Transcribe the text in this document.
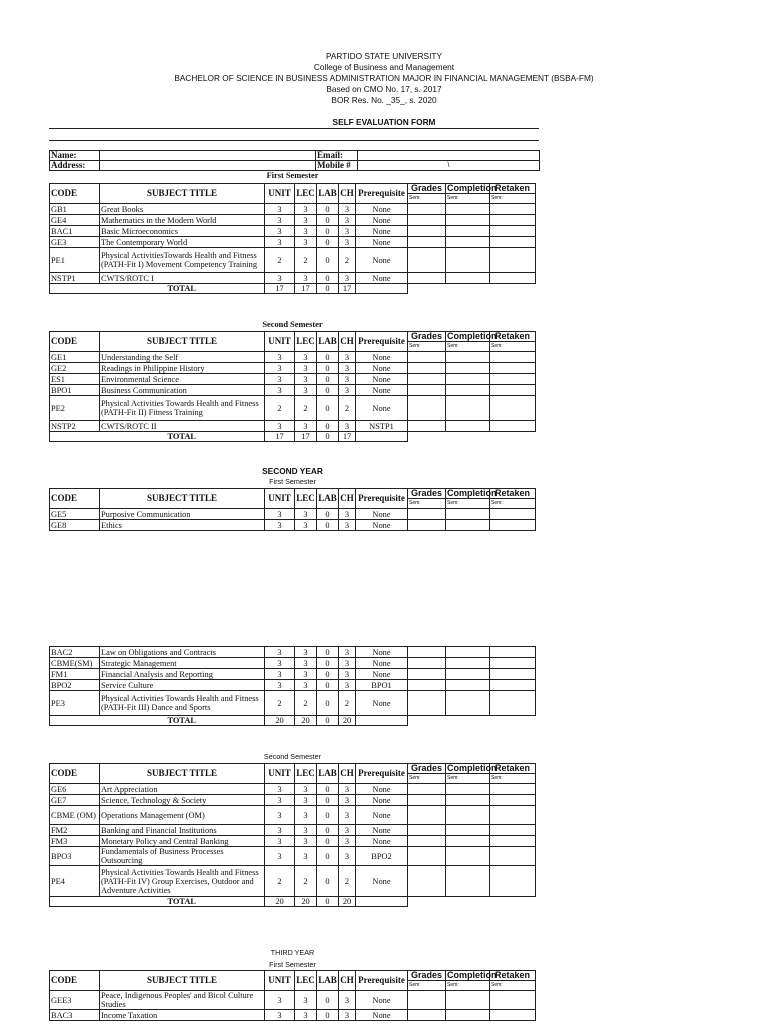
PARTIDO STATE UNIVERSITY
College of Business and Management
BACHELOR OF SCIENCE IN BUSINESS ADMINISTRATION MAJOR IN FINANCIAL MANAGEMENT (BSBA-FM)
Based on CMO No. 17, s. 2017
BOR Res. No. _35_, s. 2020
SELF EVALUATION FORM
Name:		Email:	
Address:		Mobile #	\
First Semester
Second Semester
SECOND YEAR
First Semester
Second Semester
THIRD YEAR
First Semester
CODE	SUBJECT TITLE	UNIT	LEC	LAB	CH	Prerequisite	Grades	Completion	Retaken
							Sem:	Sem:	Sem:
GB1	Great Books	3	3	0	3	None			
GE4	Mathematics in the Modern World	3	3	0	3	None			
BAC1	Basic Microeconomics	3	3	0	3	None			
GE3	The Contemporary World	3	3	0	3	None			
PE1	Physical ActivitiesTowards Health and Fitness (PATH-Fit I) Movement Competency Training	2	2	0	2	None			
NSTP1	CWTS/ROTC I	3	3	0	3	None			
	TOTAL	17	17	0	17				
CODE	SUBJECT TITLE	UNIT	LEC	LAB	CH	Prerequisite	Grades	Completion	Retaken
							Sem:	Sem:	Sem:
GE1	Understanding the Self	3	3	0	3	None			
GE2	Readings in Philippine History	3	3	0	3	None			
ES1	Environmental Science	3	3	0	3	None			
BPO1	Business Communication	3	3	0	3	None			
PE2	Physical Activities Towards Health and Fitness (PATH-Fit II) Fitness Training	2	2	0	2	None			
NSTP2	CWTS/ROTC II	3	3	0	3	NSTP1			
	TOTAL	17	17	0	17				
CODE	SUBJECT TITLE	UNIT	LEC	LAB	CH	Prerequisite	Grades	Completion	Retaken
							Sem:	Sem:	Sem:
GE5	Purposive Communication	3	3	0	3	None			
GE8	Ethics	3	3	0	3	None			
BAC2	Law on Obligations and Contracts	3	3	0	3	None			
CBME(SM)	Strategic Management	3	3	0	3	None			
FM1	Financial Analysis and Reporting	3	3	0	3	None			
BPO2	Service Culture	3	3	0	3	BPO1			
PE3	Physical Activities Towards Health and Fitness (PATH-Fit III) Dance and Sports	2	2	0	2	None			
	TOTAL	20	20	0	20				
CODE	SUBJECT TITLE	UNIT	LEC	LAB	CH	Prerequisite	Grades	Completion	Retaken
							Sem:	Sem:	Sem:
GE6	Art Appreciation	3	3	0	3	None			
GE7	Science, Technology & Society	3	3	0	3	None			
CBME (OM)	Operations Management (OM)	3	3	0	3	None			
FM2	Banking and Financial Institutions	3	3	0	3	None			
FM3	Monetary Policy and Central Banking	3	3	0	3	None			
BPO3	Fundamentals of Business Processes Outsourcing	3	3	0	3	BPO2			
PE4	Physical Activities Towards Health and Fitness (PATH-Fit IV) Group Exercises, Outdoor and Adventure Activities	2	2	0	2	None			
	TOTAL	20	20	0	20				
CODE	SUBJECT TITLE	UNIT	LEC	LAB	CH	Prerequisite	Grades	Completion	Retaken
							Sem:	Sem:	Sem:
GEE3	Peace, Indigenous Peoples' and Bicol Culture Studies	3	3	0	3	None			
BAC3	Income Taxation	3	3	0	3	None			
